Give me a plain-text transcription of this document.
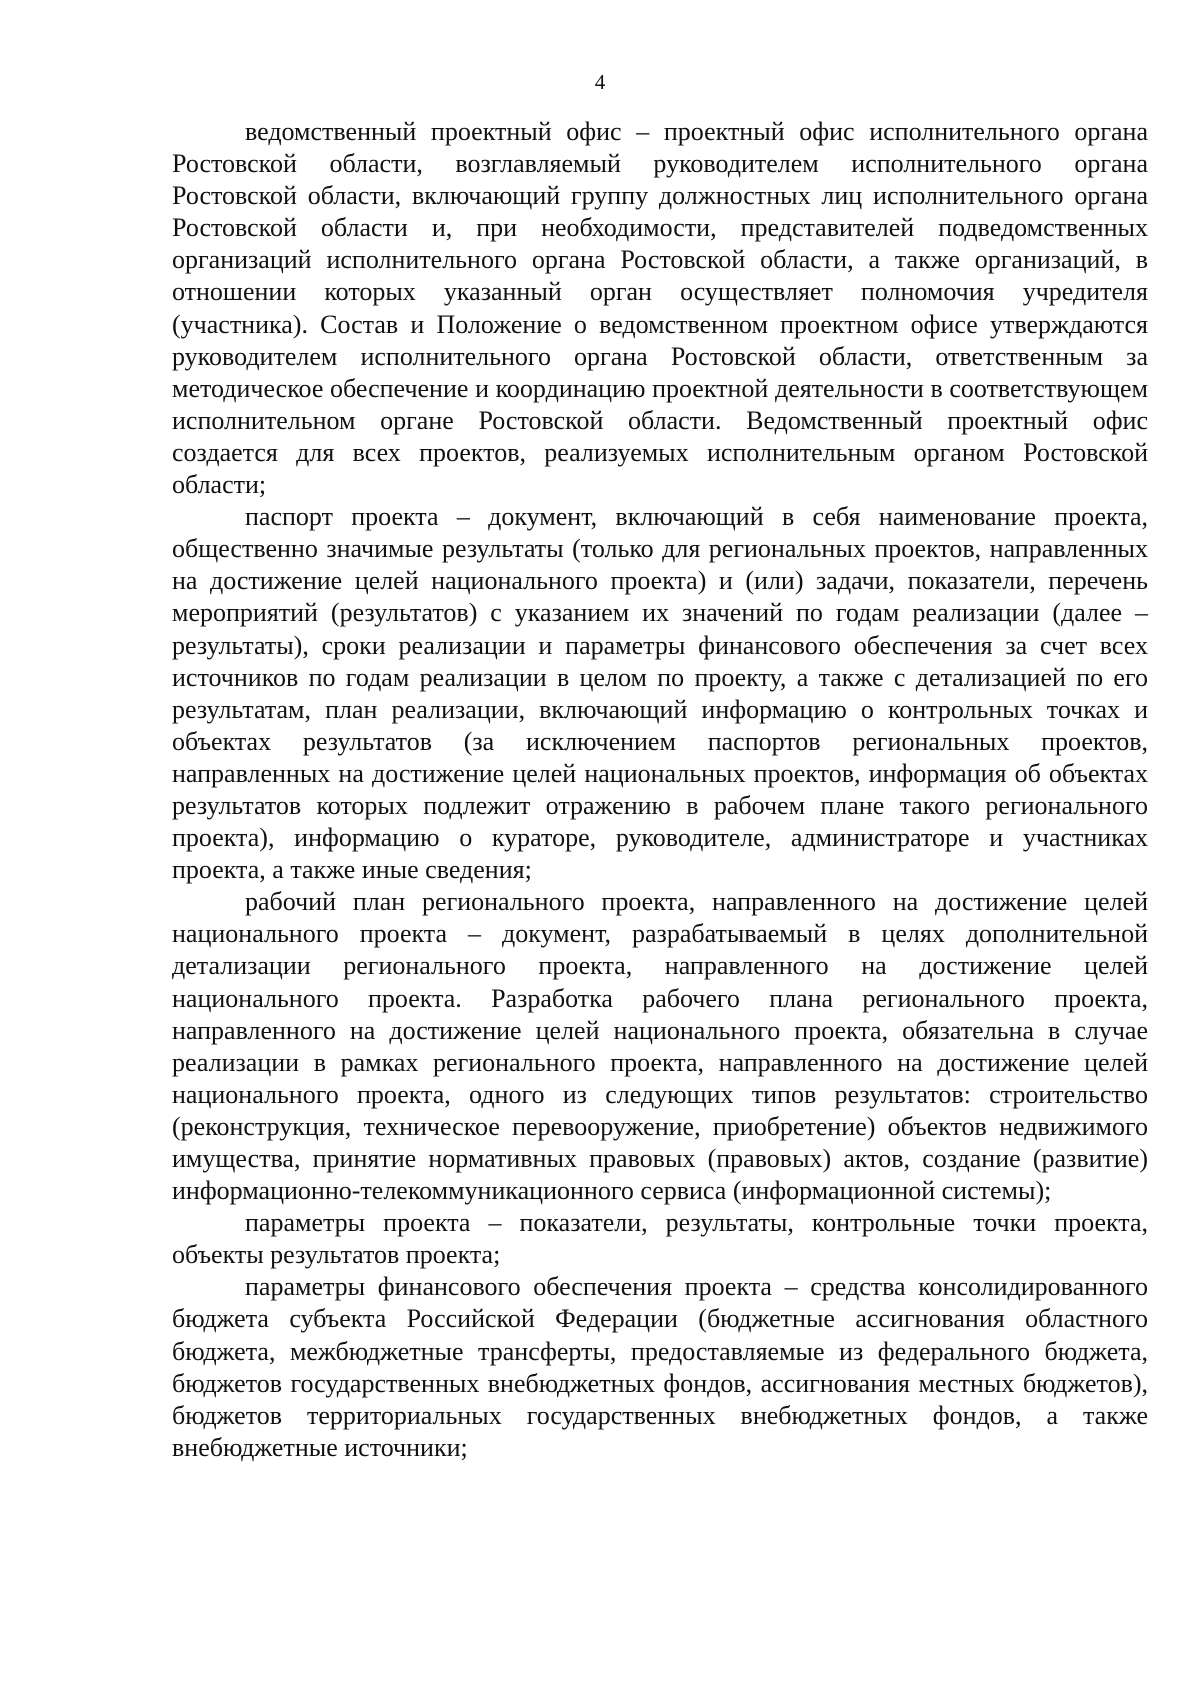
4

ведомственный проектный офис – проектный офис исполнительного органа Ростовской области, возглавляемый руководителем исполнительного органа Ростовской области, включающий группу должностных лиц исполнительного органа Ростовской области и, при необходимости, представителей подведомственных организаций исполнительного органа Ростовской области, а также организаций, в отношении которых указанный орган осуществляет полномочия учредителя (участника). Состав и Положение о ведомственном проектном офисе утверждаются руководителем исполнительного органа Ростовской области, ответственным за методическое обеспечение и координацию проектной деятельности в соответствующем исполнительном органе Ростовской области. Ведомственный проектный офис создается для всех проектов, реализуемых исполнительным органом Ростовской области;

паспорт проекта – документ, включающий в себя наименование проекта, общественно значимые результаты (только для региональных проектов, направленных на достижение целей национального проекта) и (или) задачи, показатели, перечень мероприятий (результатов) с указанием их значений по годам реализации (далее – результаты), сроки реализации и параметры финансового обеспечения за счет всех источников по годам реализации в целом по проекту, а также с детализацией по его результатам, план реализации, включающий информацию о контрольных точках и объектах результатов (за исключением паспортов региональных проектов, направленных на достижение целей национальных проектов, информация об объектах результатов которых подлежит отражению в рабочем плане такого регионального проекта), информацию о кураторе, руководителе, администраторе и участниках проекта, а также иные сведения;

рабочий план регионального проекта, направленного на достижение целей национального проекта – документ, разрабатываемый в целях дополнительной детализации регионального проекта, направленного на достижение целей национального проекта. Разработка рабочего плана регионального проекта, направленного на достижение целей национального проекта, обязательна в случае реализации в рамках регионального проекта, направленного на достижение целей национального проекта, одного из следующих типов результатов: строительство (реконструкция, техническое перевооружение, приобретение) объектов недвижимого имущества, принятие нормативных правовых (правовых) актов, создание (развитие) информационно-телекоммуникационного сервиса (информационной системы);

параметры проекта – показатели, результаты, контрольные точки проекта, объекты результатов проекта;

параметры финансового обеспечения проекта – средства консолидированного бюджета субъекта Российской Федерации (бюджетные ассигнования областного бюджета, межбюджетные трансферты, предоставляемые из федерального бюджета, бюджетов государственных внебюджетных фондов, ассигнования местных бюджетов), бюджетов территориальных государственных внебюджетных фондов, а также внебюджетные источники;
